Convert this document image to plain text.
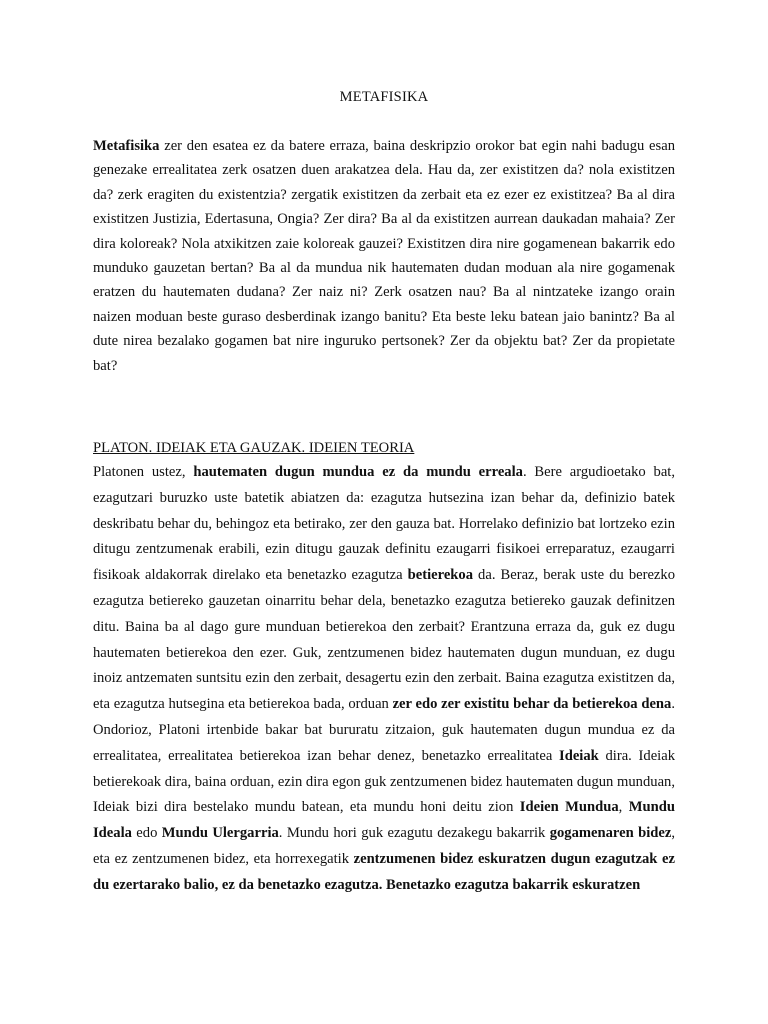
METAFISIKA

Metafisika zer den esatea ez da batere erraza, baina deskripzio orokor bat egin nahi badugu esan genezake errealitatea zerk osatzen duen arakatzea dela. Hau da, zer existitzen da? nola existitzen da? zerk eragiten du existentzia? zergatik existitzen da zerbait eta ez ezer ez existitzea? Ba al dira existitzen Justizia, Edertasuna, Ongia? Zer dira? Ba al da existitzen aurrean daukadan mahaia? Zer dira koloreak? Nola atxikitzen zaie koloreak gauzei? Existitzen dira nire gogamenean bakarrik edo munduko gauzetan bertan? Ba al da mundua nik hautematen dudan moduan ala nire gogamenak eratzen du hautematen dudana? Zer naiz ni? Zerk osatzen nau? Ba al nintzateke izango orain naizen moduan beste guraso desberdinak izango banitu? Eta beste leku batean jaio banintz? Ba al dute nirea bezalako gogamen bat nire inguruko pertsonek? Zer da objektu bat? Zer da propietate bat?

PLATON. IDEIAK ETA GAUZAK. IDEIEN TEORIA

Platonen ustez, hautematen dugun mundua ez da mundu erreala. Bere argudioetako bat, ezagutzari buruzko uste batetik abiatzen da: ezagutza hutsezina izan behar da, definizio batek deskribatu behar du, behingoz eta betirako, zer den gauza bat. Horrelako definizio bat lortzeko ezin ditugu zentzumenak erabili, ezin ditugu gauzak definitu ezaugarri fisikoei erreparatuz, ezaugarri fisikoak aldakorrak direlako eta benetazko ezagutza betierekoa da. Beraz, berak uste du berezko ezagutza betiereko gauzetan oinarritu behar dela, benetazko ezagutza betiereko gauzak definitzen ditu. Baina ba al dago gure munduan betierekoa den zerbait? Erantzuna erraza da, guk ez dugu hautematen betierekoa den ezer. Guk, zentzumenen bidez hautematen dugun munduan, ez dugu inoiz antzematen suntsitu ezin den zerbait, desagertu ezin den zerbait. Baina ezagutza existitzen da, eta ezagutza hutsegina eta betierekoa bada, orduan zer edo zer existitu behar da betierekoa dena. Ondorioz, Platoni irtenbide bakar bat bururatu zitzaion, guk hautematen dugun mundua ez da errealitatea, errealitatea betierekoa izan behar denez, benetazko errealitatea Ideiak dira. Ideiak betierekoak dira, baina orduan, ezin dira egon guk zentzumenen bidez hautematen dugun munduan, Ideiak bizi dira bestelako mundu batean, eta mundu honi deitu zion Ideien Mundua, Mundu Ideala edo Mundu Ulergarria. Mundu hori guk ezagutu dezakegu bakarrik gogamenaren bidez, eta ez zentzumenen bidez, eta horrexegatik zentzumenen bidez eskuratzen dugun ezagutzak ez du ezertarako balio, ez da benetazko ezagutza. Benetazko ezagutza bakarrik eskuratzen
